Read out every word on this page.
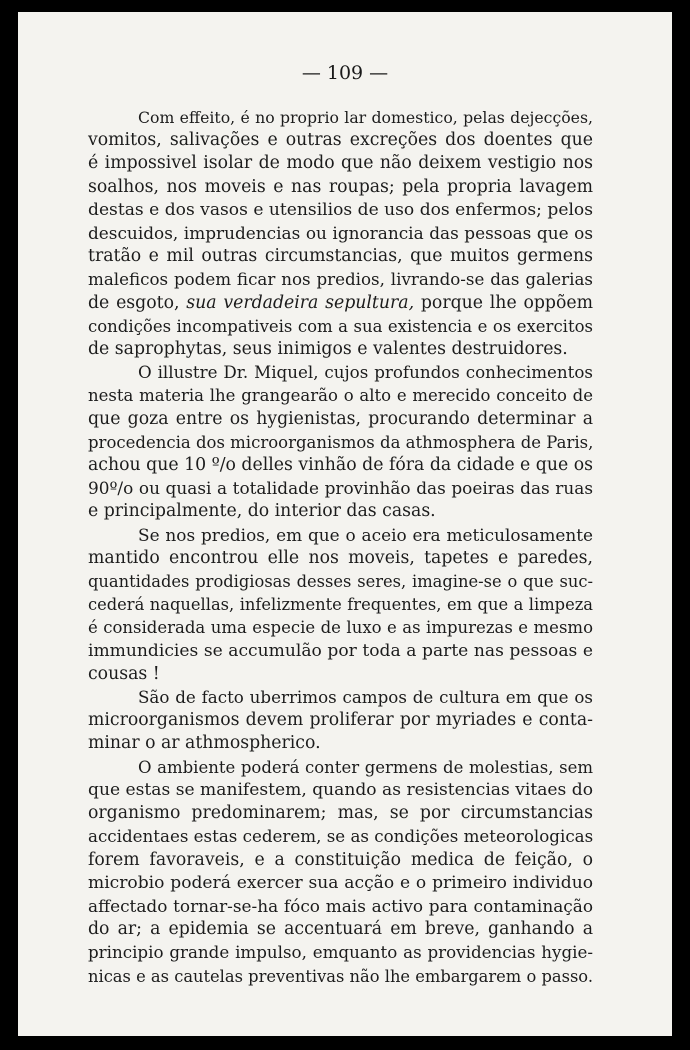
— 109 —

Com effeito, é no proprio lar domestico, pelas dejecções,
vomitos, salivações e outras excreções dos doentes que
é impossivel isolar de modo que não deixem vestigio nos
soalhos, nos moveis e nas roupas; pela propria lavagem
destas e dos vasos e utensilios de uso dos enfermos; pelos
descuidos, imprudencias ou ignorancia das pessoas que os
tratão e mil outras circumstancias, que muitos germens
maleficos podem ficar nos predios, livrando-se das galerias
de esgoto, sua verdadeira sepultura, porque lhe oppõem
condições incompativeis com a sua existencia e os exercitos
de saprophytas, seus inimigos e valentes destruidores.

O illustre Dr. Miquel, cujos profundos conhecimentos
nesta materia lhe grangearão o alto e merecido conceito de
que goza entre os hygienistas, procurando determinar a
procedencia dos microorganismos da athmosphera de Paris,
achou que 10 º/o delles vinhão de fóra da cidade e que os
90º/o ou quasi a totalidade provinhão das poeiras das ruas
e principalmente, do interior das casas.

Se nos predios, em que o aceio era meticulosamente
mantido encontrou elle nos moveis, tapetes e paredes,
quantidades prodigiosas desses seres, imagine-se o que suc-
cederá naquellas, infelizmente frequentes, em que a limpeza
é considerada uma especie de luxo e as impurezas e mesmo
immundicies se accumulão por toda a parte nas pessoas e
cousas !

São de facto uberrimos campos de cultura em que os
microorganismos devem proliferar por myriades e conta-
minar o ar athmospherico.

O ambiente poderá conter germens de molestias, sem
que estas se manifestem, quando as resistencias vitaes do
organismo predominarem; mas, se por circumstancias
accidentaes estas cederem, se as condições meteorologicas
forem favoraveis, e a constituição medica de feição, o
microbio poderá exercer sua acção e o primeiro individuo
affectado tornar-se-ha fóco mais activo para contaminação
do ar; a epidemia se accentuará em breve, ganhando a
principio grande impulso, emquanto as providencias hygie-
nicas e as cautelas preventivas não lhe embargarem o passo.
